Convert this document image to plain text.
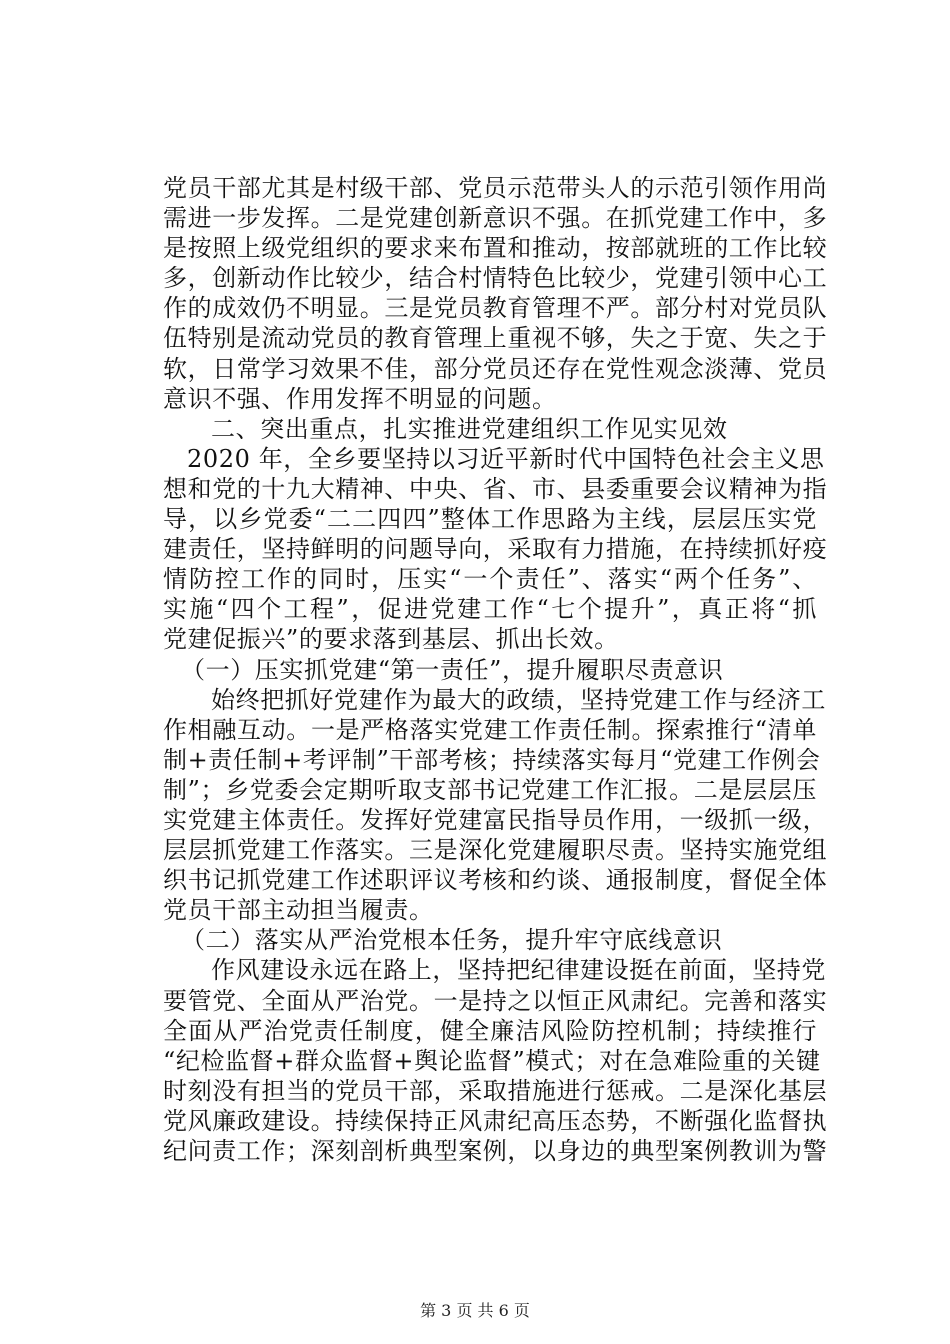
党员干部尤其是村级干部、党员示范带头人的示范引领作用尚
需进一步发挥。二是党建创新意识不强。在抓党建工作中，多
是按照上级党组织的要求来布置和推动，按部就班的工作比较
多，创新动作比较少，结合村情特色比较少，党建引领中心工
作的成效仍不明显。三是党员教育管理不严。部分村对党员队
伍特别是流动党员的教育管理上重视不够，失之于宽、失之于
软，日常学习效果不佳，部分党员还存在党性观念淡薄、党员
意识不强、作用发挥不明显的问题。
二、突出重点，扎实推进党建组织工作见实见效
2020 年，全乡要坚持以习近平新时代中国特色社会主义思
想和党的十九大精神、中央、省、市、县委重要会议精神为指
导，以乡党委“二二四四”整体工作思路为主线，层层压实党
建责任，坚持鲜明的问题导向，采取有力措施，在持续抓好疫
情防控工作的同时，压实“一个责任”、落实“两个任务”、
实施“四个工程”，促进党建工作“七个提升”，真正将“抓
党建促振兴”的要求落到基层、抓出长效。
（一）压实抓党建“第一责任”，提升履职尽责意识
始终把抓好党建作为最大的政绩，坚持党建工作与经济工
作相融互动。一是严格落实党建工作责任制。探索推行“清单
制+责任制+考评制”干部考核；持续落实每月“党建工作例会
制”；乡党委会定期听取支部书记党建工作汇报。二是层层压
实党建主体责任。发挥好党建富民指导员作用，一级抓一级，
层层抓党建工作落实。三是深化党建履职尽责。坚持实施党组
织书记抓党建工作述职评议考核和约谈、通报制度，督促全体
党员干部主动担当履责。
（二）落实从严治党根本任务，提升牢守底线意识
作风建设永远在路上，坚持把纪律建设挺在前面，坚持党
要管党、全面从严治党。一是持之以恒正风肃纪。完善和落实
全面从严治党责任制度，健全廉洁风险防控机制；持续推行
“纪检监督+群众监督+舆论监督”模式；对在急难险重的关键
时刻没有担当的党员干部，采取措施进行惩戒。二是深化基层
党风廉政建设。持续保持正风肃纪高压态势，不断强化监督执
纪问责工作；深刻剖析典型案例，以身边的典型案例教训为警
第 3 页 共 6 页
